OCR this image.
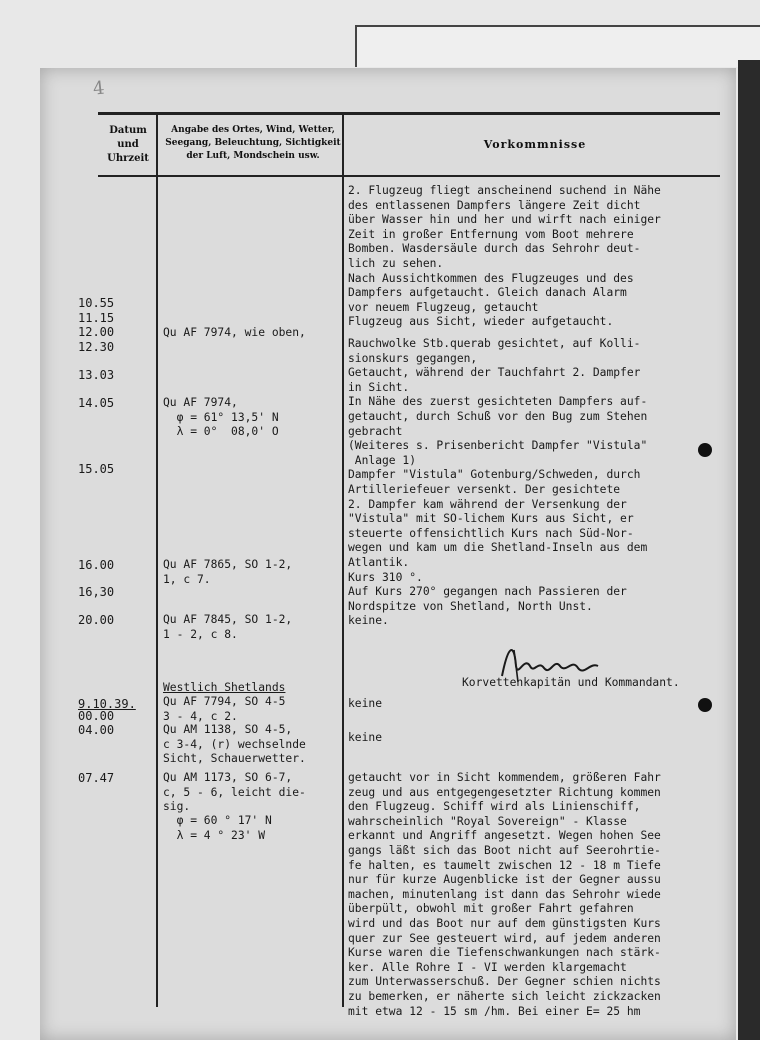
4
Datum
und
Uhrzeit
Angabe des Ortes, Wind, Wetter,
Seegang, Beleuchtung, Sichtigkeit
der Luft, Mondschein usw.
Vorkommnisse
10.55
11.15
12.00
12.30
13.03
14.05
15.05
16.00
16,30
20.00
9.10.39.
00.00
04.00
07.47
Qu AF 7974, wie oben,
Qu AF 7974,
φ = 61° 13,5' N
λ = 0°  08,0' O
Qu AF 7865, SO 1-2,
1, c 7.
Qu AF 7845, SO 1-2,
1 - 2, c 8.
Westlich Shetlands
Qu AF 7794, SO 4-5
3 - 4, c 2.
Qu AM 1138, SO 4-5,
c 3-4, (r) wechselnde
Sicht, Schauerwetter.
Qu AM 1173, SO 6-7,
c, 5 - 6, leicht die-
sig.
φ = 60 ° 17' N
λ = 4 ° 23' W
2. Flugzeug fliegt anscheinend suchend in Nähe
des entlassenen Dampfers längere Zeit dicht
über Wasser hin und her und wirft nach einiger
Zeit in großer Entfernung vom Boot mehrere
Bomben. Wasdersäule durch das Sehrohr deut-
lich zu sehen.
Nach Aussichtkommen des Flugzeuges und des
Dampfers aufgetaucht. Gleich danach Alarm
vor neuem Flugzeug, getaucht
Flugzeug aus Sicht, wieder aufgetaucht.
Rauchwolke Stb.querab gesichtet, auf Kolli-
sionskurs gegangen,
Getaucht, während der Tauchfahrt 2. Dampfer
in Sicht.
In Nähe des zuerst gesichteten Dampfers auf-
getaucht, durch Schuß vor den Bug zum Stehen
gebracht
(Weiteres s. Prisenbericht Dampfer "Vistula"
Anlage 1)
Dampfer "Vistula" Gotenburg/Schweden, durch
Artilleriefeuer versenkt. Der gesichtete
2. Dampfer kam während der Versenkung der
"Vistula" mit SO-lichem Kurs aus Sicht, er
steuerte offensichtlich Kurs nach Süd-Nor-
wegen und kam um die Shetland-Inseln aus dem
Atlantik.
Kurs 310 °.
Auf Kurs 270° gegangen nach Passieren der
Nordspitze von Shetland, North Unst.
keine.
Korvettenkapitän und Kommandant.
keine
keine
getaucht vor in Sicht kommendem, größeren Fahr
zeug und aus entgegengesetzter Richtung kommen
den Flugzeug. Schiff wird als Linienschiff,
wahrscheinlich "Royal Sovereign" - Klasse
erkannt und Angriff angesetzt. Wegen hohen See
gangs läßt sich das Boot nicht auf Seerohrtie-
fe halten, es taumelt zwischen 12 - 18 m Tiefe
nur für kurze Augenblicke ist der Gegner aussu
machen, minutenlang ist dann das Sehrohr wiede
überpült, obwohl mit großer Fahrt gefahren
wird und das Boot nur auf dem günstigsten Kurs
quer zur See gesteuert wird, auf jedem anderen
Kurse waren die Tiefenschwankungen nach stärk-
ker. Alle Rohre I - VI werden klargemacht
zum Unterwasserschuß. Der Gegner schien nichts
zu bemerken, er näherte sich leicht zickzacken
mit etwa 12 - 15 sm /hm. Bei einer E= 25 hm
